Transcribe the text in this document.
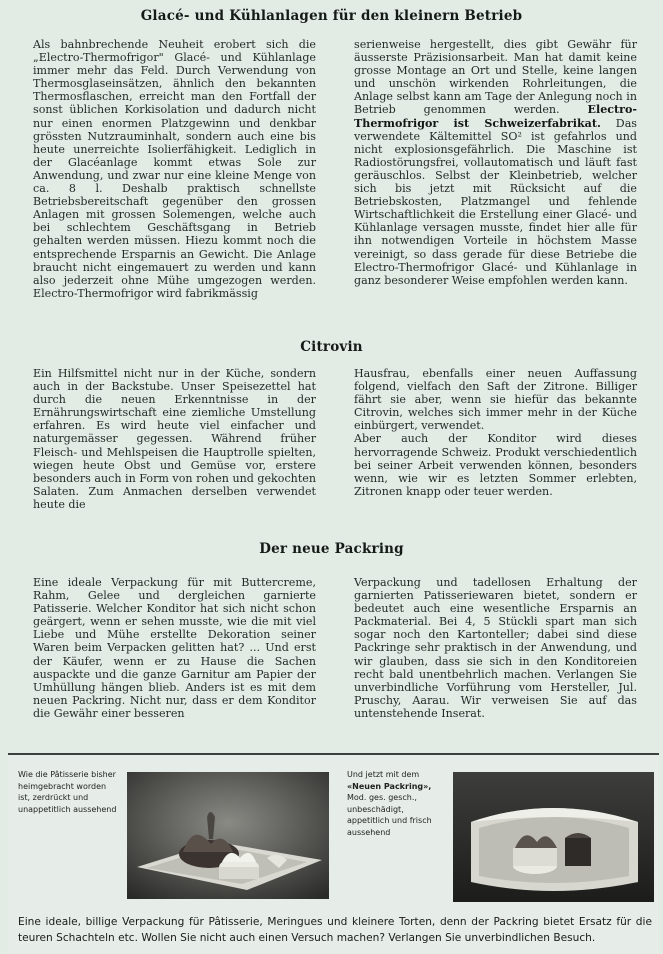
Glacé- und Kühlanlagen für den kleinern Betrieb

Als bahnbrechende Neuheit erobert sich die „Electro-Thermofrigor" Glacé- und Kühlanlage immer mehr das Feld. Durch Verwendung von Thermosglaseinsätzen, ähnlich den bekannten Thermosflaschen, erreicht man den Fortfall der sonst üblichen Korkisolation und dadurch nicht nur einen enormen Platzgewinn und denkbar grössten Nutzrauminhalt, sondern auch eine bis heute unerreichte Isolierfähigkeit. Lediglich in der Glacéanlage kommt etwas Sole zur Anwendung, und zwar nur eine kleine Menge von ca. 8 l. Deshalb praktisch schnellste Betriebsbereitschaft gegenüber den grossen Anlagen mit grossen Solemengen, welche auch bei schlechtem Geschäftsgang in Betrieb gehalten werden müssen. Hiezu kommt noch die entsprechende Ersparnis an Gewicht. Die Anlage braucht nicht eingemauert zu werden und kann also jederzeit ohne Mühe umgezogen werden. Electro-Thermofrigor wird fabrikmässig

serienweise hergestellt, dies gibt Gewähr für äusserste Präzisionsarbeit. Man hat damit keine grosse Montage an Ort und Stelle, keine langen und unschön wirkenden Rohrleitungen, die Anlage selbst kann am Tage der Anlegung noch in Betrieb genommen werden.	Electro-Thermofrigor ist Schweizerfabrikat. Das verwendete Kältemittel SO² ist gefahrlos und nicht explosionsgefährlich. Die Maschine ist Radiostörungsfrei, vollautomatisch und läuft fast geräuschlos. Selbst der Kleinbetrieb, welcher sich bis jetzt mit Rücksicht auf die Betriebskosten, Platzmangel und fehlende Wirtschaftlichkeit die Erstellung einer Glacé- und Kühlanlage versagen musste, findet hier alle für ihn notwendigen Vorteile in höchstem Masse vereinigt, so dass gerade für diese Betriebe die Electro-Thermofrigor Glacé- und Kühlanlage in ganz besonderer Weise empfohlen werden kann.

Citrovin

Ein Hilfsmittel nicht nur in der Küche, sondern auch in der Backstube. Unser Speisezettel hat durch die neuen Erkenntnisse in der Ernährungswirtschaft eine ziemliche Umstellung erfahren. Es wird heute viel einfacher und naturgemässer gegessen. Während früher Fleisch- und Mehlspeisen die Hauptrolle spielten, wiegen heute Obst und Gemüse vor, erstere besonders auch in Form von rohen und gekochten Salaten. Zum Anmachen derselben verwendet heute die

Hausfrau, ebenfalls einer neuen Auffassung folgend, vielfach den Saft der Zitrone. Billiger fährt sie aber, wenn sie hiefür das bekannte Citrovin, welches sich immer mehr in der Küche einbürgert, verwendet.

Aber auch der Konditor wird dieses hervorragende Schweiz. Produkt verschiedentlich bei seiner Arbeit verwenden können, besonders wenn, wie wir es letzten Sommer erlebten, Zitronen knapp oder teuer werden.

Der neue Packring

Eine ideale Verpackung für mit Buttercreme, Rahm, Gelee und dergleichen garnierte Patisserie. Welcher Konditor hat sich nicht schon geärgert, wenn er sehen musste, wie die mit viel Liebe und Mühe erstellte Dekoration seiner Waren beim Verpacken gelitten hat? ... Und erst der Käufer, wenn er zu Hause die Sachen auspackte und die ganze Garnitur am Papier der Umhüllung hängen blieb. Anders ist es mit dem neuen Packring. Nicht nur, dass er dem Konditor die Gewähr einer besseren

Verpackung und tadellosen Erhaltung der garnierten Patisseriewaren bietet, sondern er bedeutet auch eine wesentliche Ersparnis an Packmaterial. Bei 4, 5 Stückli spart man sich sogar noch den Kartonteller; dabei sind diese Packringe sehr praktisch in der Anwendung, und wir glauben, dass sie sich in den Konditoreien recht bald unentbehrlich machen. Verlangen Sie unverbindliche Vorführung vom Hersteller, Jul. Pruschy, Aarau. Wir verweisen Sie auf das untenstehende Inserat.

Wie die Pâtisserie bisher heimgebracht worden ist, zerdrückt und unappetitlich aussehend
Und jetzt mit dem
«Neuen Packring»,
Mod. ges. gesch., unbeschädigt, appetitlich und frisch aussehend

Eine ideale, billige Verpackung für Pâtisserie, Meringues und kleinere Torten, denn der Packring bietet Ersatz für die teuren Schachteln etc. Wollen Sie nicht auch einen Versuch machen? Verlangen Sie unverbindlichen Besuch.
